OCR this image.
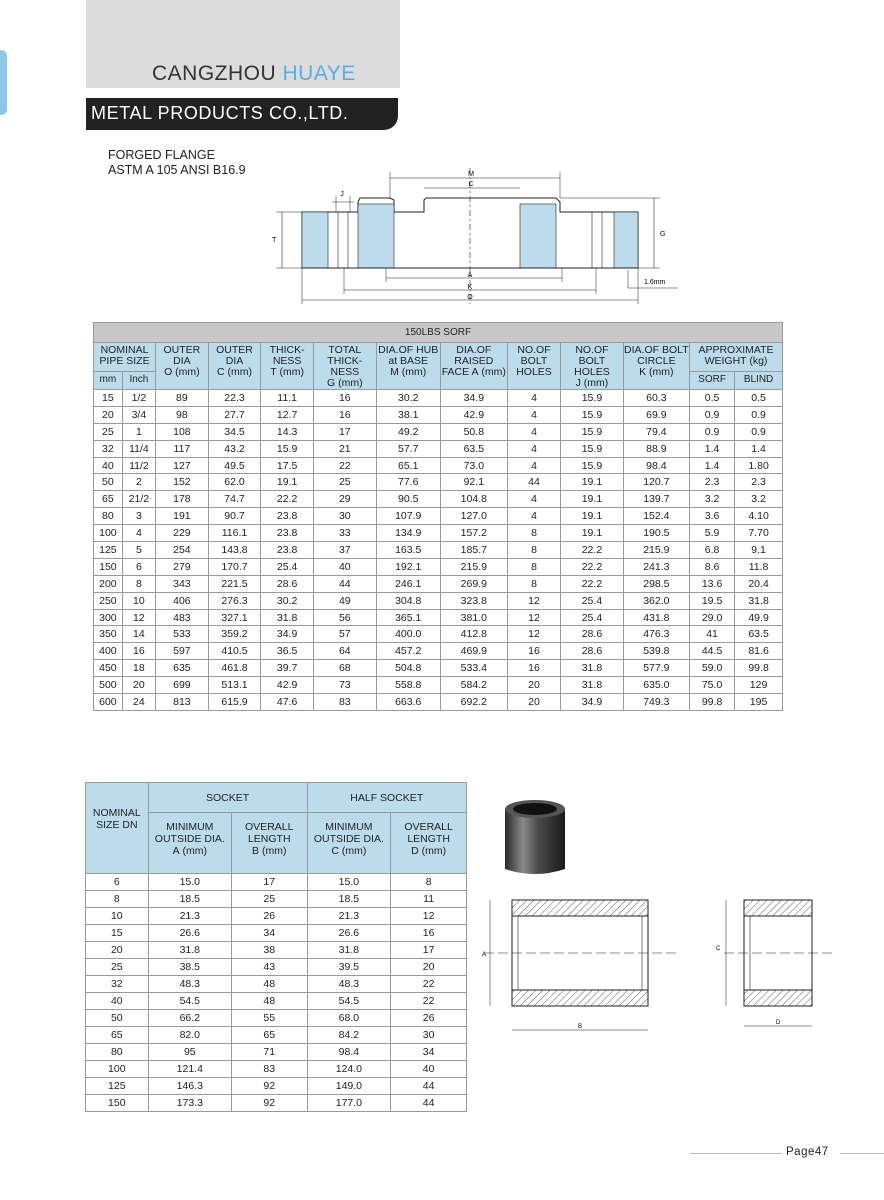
CANGZHOU HUAYE
METAL PRODUCTS CO.,LTD.
FORGED FLANGE
ASTM A 105 ANSI B16.9	M
C
J
T
G
A
K
O
1.6mm
150LBS SORF												
NOMINAL PIPE SIZE		OUTER DIA O (mm)	OUTER DIA C (mm)	THICK-NESS T (mm)	TOTAL THICK-NESS G (mm)	DIA.OF HUB at BASE M (mm)	DIA.OF RAISED FACE A (mm)	NO.OF BOLT HOLES	NO.OF BOLT HOLES J (mm)	DIA.OF BOLT CIRCLE K (mm)	APPROXIMATE WEIGHT (kg)	
mm	Inch										SORF	BLIND
15	1/2	89	22.3	11.1	16	30.2	34.9	4	15.9	60.3	0.5	0.5
20	3/4	98	27.7	12.7	16	38.1	42.9	4	15.9	69.9	0.9	0.9
25	1	108	34.5	14.3	17	49.2	50.8	4	15.9	79.4	0.9	0.9
32	11/4	117	43.2	15.9	21	57.7	63.5	4	15.9	88.9	1.4	1.4
40	11/2	127	49.5	17.5	22	65.1	73.0	4	15.9	98.4	1.4	1.80
50	2	152	62.0	19.1	25	77.6	92.1	44	19.1	120.7	2.3	2.3
65	21/2	178	74.7	22.2	29	90.5	104.8	4	19.1	139.7	3.2	3.2
80	3	191	90.7	23.8	30	107.9	127.0	4	19.1	152.4	3.6	4.10
100	4	229	116.1	23.8	33	134.9	157.2	8	19.1	190.5	5.9	7.70
125	5	254	143.8	23.8	37	163.5	185.7	8	22.2	215.9	6.8	9.1
150	6	279	170.7	25.4	40	192.1	215.9	8	22.2	241.3	8.6	11.8
200	8	343	221.5	28.6	44	246.1	269.9	8	22.2	298.5	13.6	20.4
250	10	406	276.3	30.2	49	304.8	323.8	12	25.4	362.0	19.5	31.8
300	12	483	327.1	31.8	56	365.1	381.0	12	25.4	431.8	29.0	49.9
350	14	533	359.2	34.9	57	400.0	412.8	12	28.6	476.3	41	63.5
400	16	597	410.5	36.5	64	457.2	469.9	16	28.6	539.8	44.5	81.6
450	18	635	461.8	39.7	68	504.8	533.4	16	31.8	577.9	59.0	99.8
500	20	699	513.1	42.9	73	558.8	584.2	20	31.8	635.0	75.0	129
600	24	813	615.9	47.6	83	663.6	692.2	20	34.9	749.3	99.8	195
NOMINAL SIZE DN	SOCKET		HALF SOCKET	
	MINIMUM OUTSIDE DIA. A (mm)	OVERALL LENGTH B (mm)	MINIMUM OUTSIDE DIA. C (mm)	OVERALL LENGTH D (mm)
6	15.0	17	15.0	8
8	18.5	25	18.5	11
10	21.3	26	21.3	12
15	26.6	34	26.6	16
20	31.8	38	31.8	17
25	38.5	43	39.5	20
32	48.3	48	48.3	22
40	54.5	48	54.5	22
50	66.2	55	68.0	26
65	82.0	65	84.2	30
80	95	71	98.4	34
100	121.4	83	124.0	40
125	146.3	92	149.0	44
150	173.3	92	177.0	44
A
B
C
D
Page47
